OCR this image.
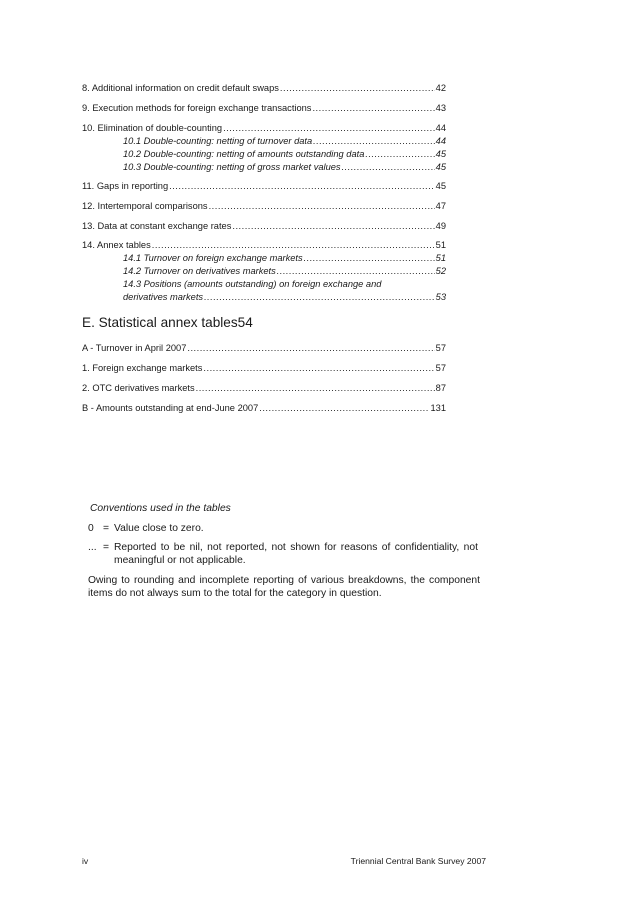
8. Additional information on credit default swaps .....	42
9. Execution methods for foreign exchange transactions .....	43
10. Elimination of double-counting .....	44
10.1 Double-counting: netting of turnover data .....	44
10.2 Double-counting: netting of amounts outstanding data .....	45
10.3 Double-counting: netting of gross market values .....	45
11. Gaps in reporting .....	45
12. Intertemporal comparisons .....	47
13. Data at constant exchange rates .....	49
14. Annex tables .....	51
14.1 Turnover on foreign exchange markets .....	51
14.2 Turnover on derivatives markets .....	52
14.3 Positions (amounts outstanding) on foreign exchange and
derivatives markets .....	53
E. Statistical annex tables 54
A - Turnover in April 2007 .....	57
1. Foreign exchange markets .....	57
2. OTC derivatives markets .....	87
B - Amounts outstanding at end-June 2007 .....	131
Conventions used in the tables
0 = Value close to zero.
... = Reported to be nil, not reported, not shown for reasons of confidentiality, not meaningful or not applicable.
Owing to rounding and incomplete reporting of various breakdowns, the component items do not always sum to the total for the category in question.
iv	Triennial Central Bank Survey 2007
